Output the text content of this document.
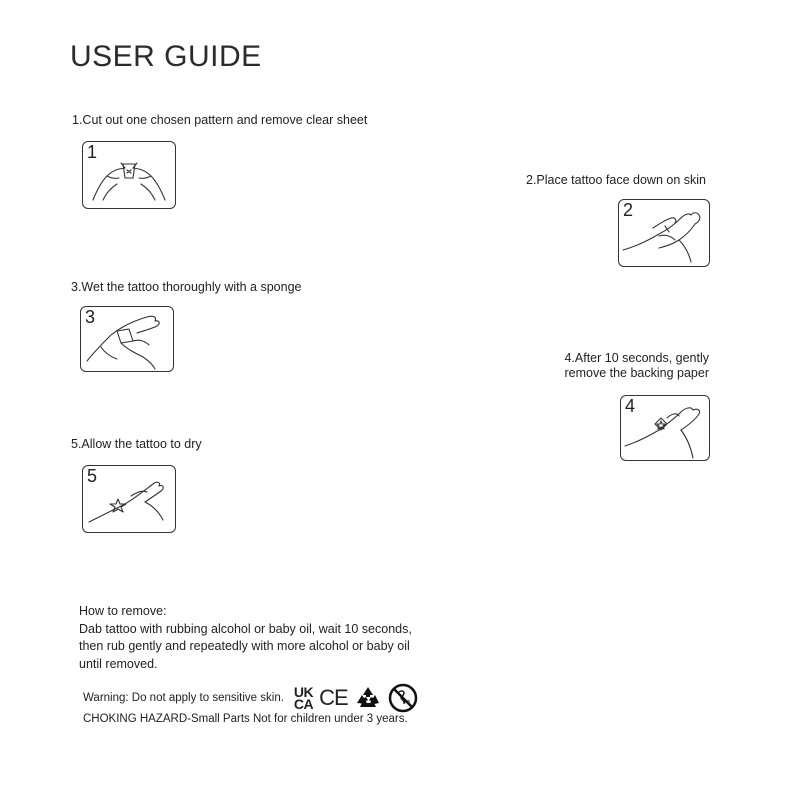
USER GUIDE
1.Cut out one chosen pattern and remove clear sheet
1
2.Place tattoo face down on skin
2
3.Wet the tattoo thoroughly with a sponge
3
4.After 10 seconds, gently
remove the backing paper
4
5.Allow the tattoo to dry
5
How to remove:
Dab tattoo with rubbing alcohol or baby oil, wait 10 seconds,
then rub gently and repeatedly with more alcohol or baby oil
until removed.
Warning: Do not apply to sensitive skin. UK
CA CE	0-3
CHOKING HAZARD-Small Parts Not for children under 3 years.
